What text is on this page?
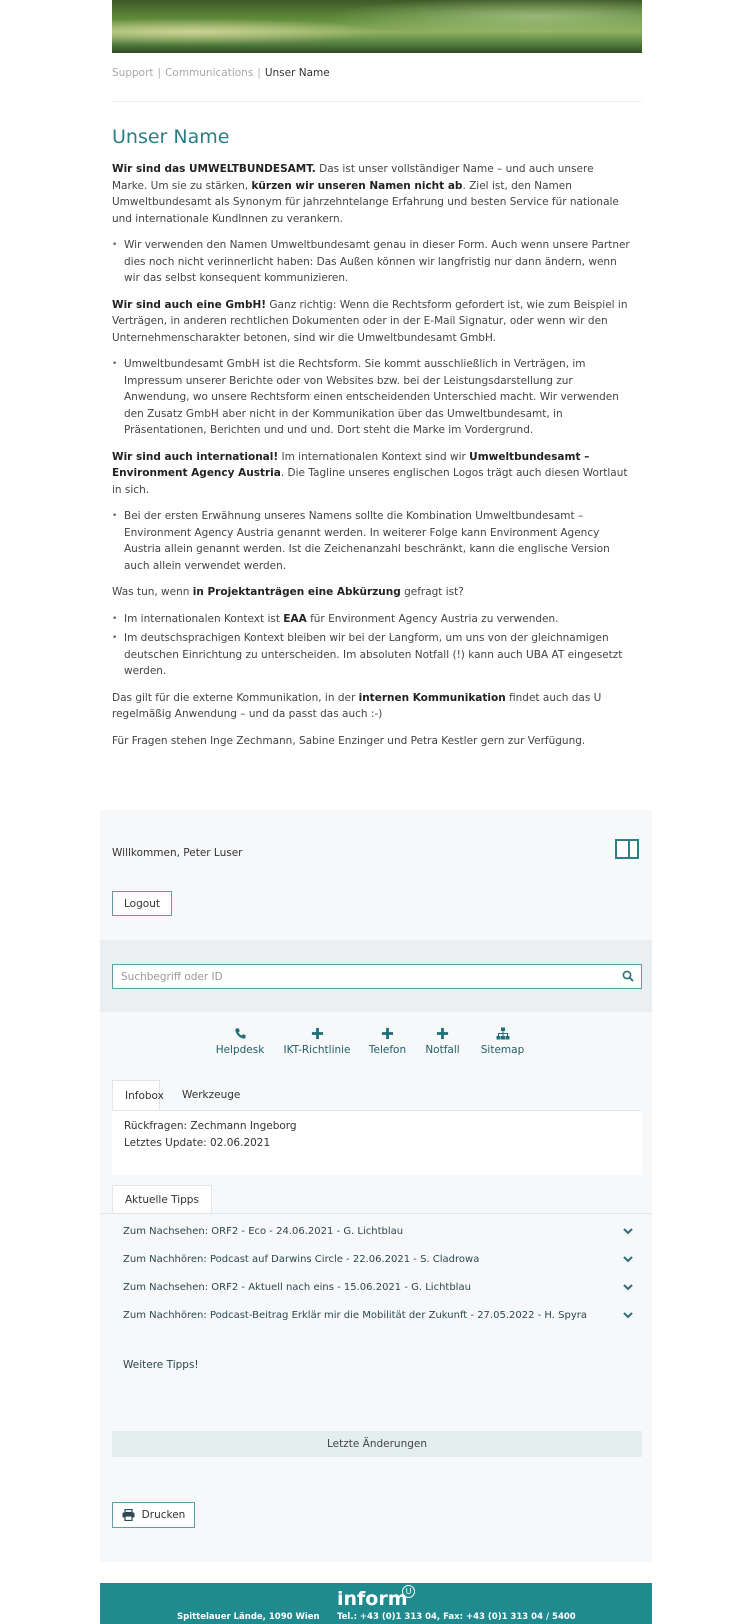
Support | Communications | Unser Name
Unser Name

Wir sind das UMWELTBUNDESAMT. Das ist unser vollständiger Name – und auch unsere Marke. Um sie zu stärken, kürzen wir unseren Namen nicht ab. Ziel ist, den Namen Umweltbundesamt als Synonym für jahrzehntelange Erfahrung und besten Service für nationale und internationale KundInnen zu verankern.

• Wir verwenden den Namen Umweltbundesamt genau in dieser Form. Auch wenn unsere Partner dies noch nicht verinnerlicht haben: Das Außen können wir langfristig nur dann ändern, wenn wir das selbst konsequent kommunizieren.

Wir sind auch eine GmbH! Ganz richtig: Wenn die Rechtsform gefordert ist, wie zum Beispiel in Verträgen, in anderen rechtlichen Dokumenten oder in der E-Mail Signatur, oder wenn wir den Unternehmenscharakter betonen, sind wir die Umweltbundesamt GmbH.

• Umweltbundesamt GmbH ist die Rechtsform. Sie kommt ausschließlich in Verträgen, im Impressum unserer Berichte oder von Websites bzw. bei der Leistungsdarstellung zur Anwendung, wo unsere Rechtsform einen entscheidenden Unterschied macht. Wir verwenden den Zusatz GmbH aber nicht in der Kommunikation über das Umweltbundesamt, in Präsentationen, Berichten und und und. Dort steht die Marke im Vordergrund.

Wir sind auch international! Im internationalen Kontext sind wir Umweltbundesamt – Environment Agency Austria. Die Tagline unseres englischen Logos trägt auch diesen Wortlaut in sich.

• Bei der ersten Erwähnung unseres Namens sollte die Kombination Umweltbundesamt –Environment Agency Austria genannt werden. In weiterer Folge kann Environment Agency Austria allein genannt werden. Ist die Zeichenanzahl beschränkt, kann die englische Version auch allein verwendet werden.

Was tun, wenn in Projektanträgen eine Abkürzung gefragt ist?

• Im internationalen Kontext ist EAA für Environment Agency Austria zu verwenden.
• Im deutschsprachigen Kontext bleiben wir bei der Langform, um uns von der gleichnamigen deutschen Einrichtung zu unterscheiden. Im absoluten Notfall (!) kann auch UBA AT eingesetzt werden.

Das gilt für die externe Kommunikation, in der internen Kommunikation findet auch das U regelmäßig Anwendung – und da passt das auch :-)

Für Fragen stehen Inge Zechmann, Sabine Enzinger und Petra Kestler gern zur Verfügung.

Willkommen, Peter Luser
Logout
Suchbegriff oder ID
Helpdesk	IKT-Richtlinie	Telefon	Notfall	Sitemap
Infobox	Werkzeuge
Rückfragen: Zechmann Ingeborg
Letztes Update: 02.06.2021
Aktuelle Tipps
Zum Nachsehen: ORF2 - Eco - 24.06.2021 - G. Lichtblau
Zum Nachhören: Podcast auf Darwins Circle - 22.06.2021 - S. Cladrowa
Zum Nachsehen: ORF2 - Aktuell nach eins - 15.06.2021 - G. Lichtblau
Zum Nachhören: Podcast-Beitrag Erklär mir die Mobilität der Zukunft - 27.05.2022 - H. Spyra
Weitere Tipps!
Letzte Änderungen
Drucken
inform
U
Spittelauer Lände, 1090 Wien Tel.: +43 (0)1 313 04, Fax: +43 (0)1 313 04 / 5400
